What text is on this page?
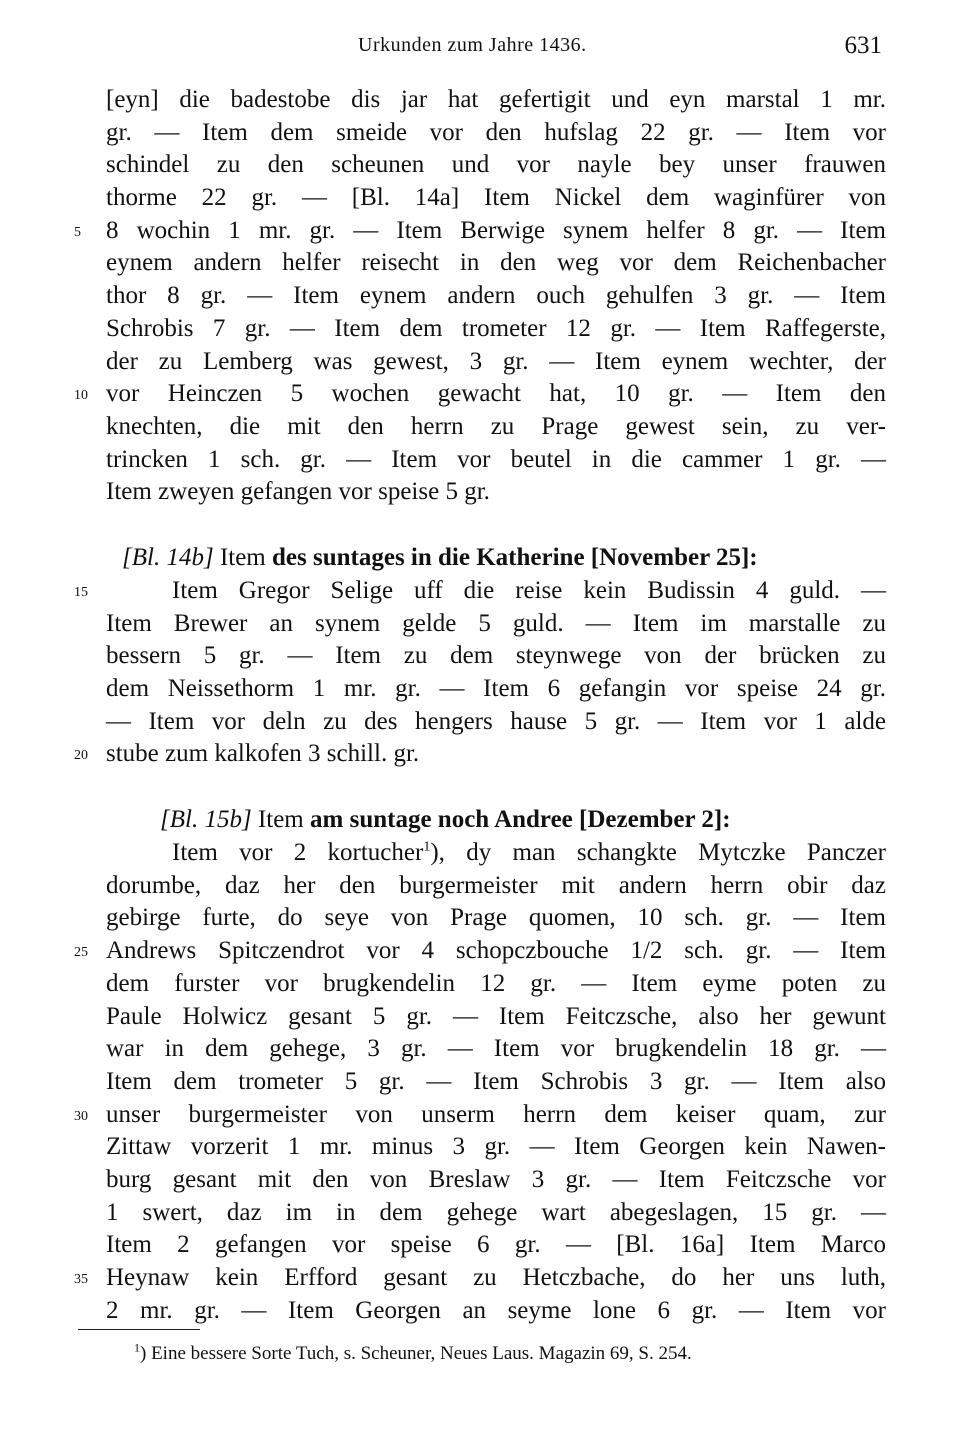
Urkunden zum Jahre 1436.	631
[eyn] die badestobe dis jar hat gefertigit und eyn marstal 1 mr.
gr. — Item dem smeide vor den hufslag 22 gr. — Item vor
schindel zu den scheunen und vor nayle bey unser frauwen
thorme 22 gr. — [Bl. 14a] Item Nickel dem waginfürer von
5 8 wochin 1 mr. gr. — Item Berwige synem helfer 8 gr. — Item
eynem andern helfer reisecht in den weg vor dem Reichenbacher
thor 8 gr. — Item eynem andern ouch gehulfen 3 gr. — Item
Schrobis 7 gr. — Item dem trometer 12 gr. — Item Raffegerste,
der zu Lemberg was gewest, 3 gr. — Item eynem wechter, der
10 vor Heinczen 5 wochen gewacht hat, 10 gr. — Item den
knechten, die mit den herrn zu Prage gewest sein, zu ver-
trincken 1 sch. gr. — Item vor beutel in die cammer 1 gr. —
Item zweyen gefangen vor speise 5 gr.
[Bl. 14b] Item des suntages in die Katherine [November 25]:
15	Item Gregor Selige uff die reise kein Budissin 4 guld. —
Item Brewer an synem gelde 5 guld. — Item im marstalle zu
bessern 5 gr. — Item zu dem steynwege von der brücken zu
dem Neissethorm 1 mr. gr. — Item 6 gefangin vor speise 24 gr.
— Item vor deln zu des hengers hause 5 gr. — Item vor 1 alde
20 stube zum kalkofen 3 schill. gr.
[Bl. 15b] Item am suntage noch Andree [Dezember 2]:
Item vor 2 kortucher$^1$), dy man schangkte Mytczke Panczer
dorumbe, daz her den burgermeister mit andern herrn obir daz
gebirge furte, do seye von Prage quomen, 10 sch. gr. — Item
25 Andrews Spitczendrot vor 4 schopczbouche 1/2 sch. gr. — Item
dem furster vor brugkendelin 12 gr. — Item eyme poten zu
Paule Holwicz gesant 5 gr. — Item Feitczsche, also her gewunt
war in dem gehege, 3 gr. — Item vor brugkendelin 18 gr. —
Item dem trometer 5 gr. — Item Schrobis 3 gr. — Item also
30 unser burgermeister von unserm herrn dem keiser quam, zur
Zittaw vorzerit 1 mr. minus 3 gr. — Item Georgen kein Nawen-
burg gesant mit den von Breslaw 3 gr. — Item Feitczsche vor
1 swert, daz im in dem gehege wart abegeslagen, 15 gr. —
Item 2 gefangen vor speise 6 gr. — [Bl. 16a] Item Marco
35 Heynaw kein Erfford gesant zu Hetczbache, do her uns luth,
2 mr. gr. — Item Georgen an seyme lone 6 gr. — Item vor
$^1$) Eine bessere Sorte Tuch, s. Scheuner, Neues Laus. Magazin 69, S. 254.
